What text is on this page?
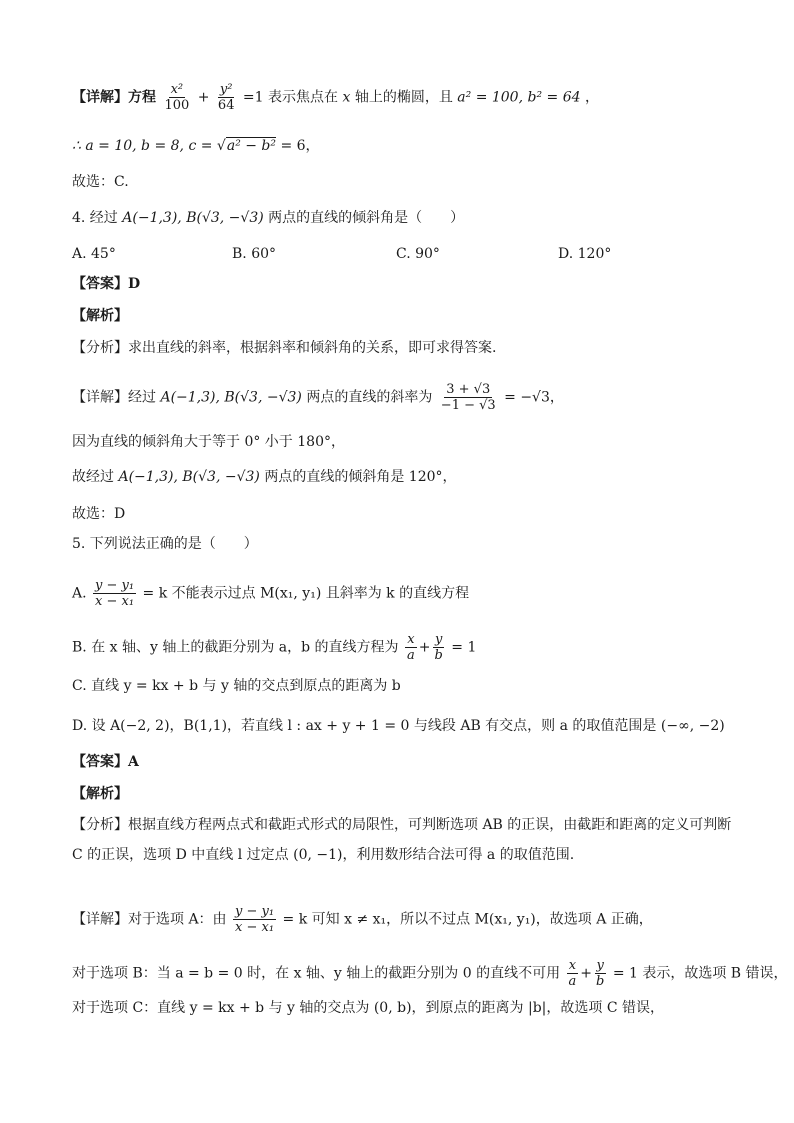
【详解】方程 $\frac{\text{x²}}{100} + \frac{\text{y²}}{64} =1$ 表示焦点在 x 轴上的椭圆，且 a² = 100, b² = 64 ，
∴ a = 10, b = 8, c = √a² − b² = 6，
故选：C.
4. 经过 A(−1,3), B(√3, −√3) 两点的直线的倾斜角是（　　）
A. 45°	B. 60°	C. 90°	D. 120°
【答案】D
【解析】
【分析】求出直线的斜率，根据斜率和倾斜角的关系，即可求得答案.
【详解】经过 A(−1,3), B(√3, −√3) 两点的直线的斜率为 $\frac{3 + √3}{-1 - √3} = -√3$，
因为直线的倾斜角大于等于 0° 小于 180°，
故经过 A(−1,3), B(√3, −√3) 两点的直线的倾斜角是 120°，
故选：D
5. 下列说法正确的是（　　）
A. $\frac{\text{y − y₁}}{\text{x − x₁}} = k$ 不能表示过点 M(x₁, y₁) 且斜率为 k 的直线方程
B. 在 x 轴、y 轴上的截距分别为 a，b 的直线方程为 $\frac{x}{a} + \frac{y}{b} = 1$
C. 直线 y = kx + b 与 y 轴的交点到原点的距离为 b
D. 设 A(−2, 2)，B(1,1)，若直线 l : ax + y + 1 = 0 与线段 AB 有交点，则 a 的取值范围是 (−∞, −2)
【答案】A
【解析】
【分析】根据直线方程两点式和截距式形式的局限性，可判断选项 AB 的正误，由截距和距离的定义可判断 C 的正误，选项 D 中直线 l 过定点 (0, −1)，利用数形结合法可得 a 的取值范围.
【详解】对于选项 A：由 $\frac{\text{y − y₁}}{\text{x − x₁}} = k$ 可知 x ≠ x₁，所以不过点 M(x₁, y₁)，故选项 A 正确，
对于选项 B：当 a = b = 0 时，在 x 轴、y 轴上的截距分别为 0 的直线不可用 $\frac{x}{a} + \frac{y}{b} = 1$ 表示，故选项 B 错误，
对于选项 C：直线 y = kx + b 与 y 轴的交点为 (0, b)，到原点的距离为 |b|，故选项 C 错误，
